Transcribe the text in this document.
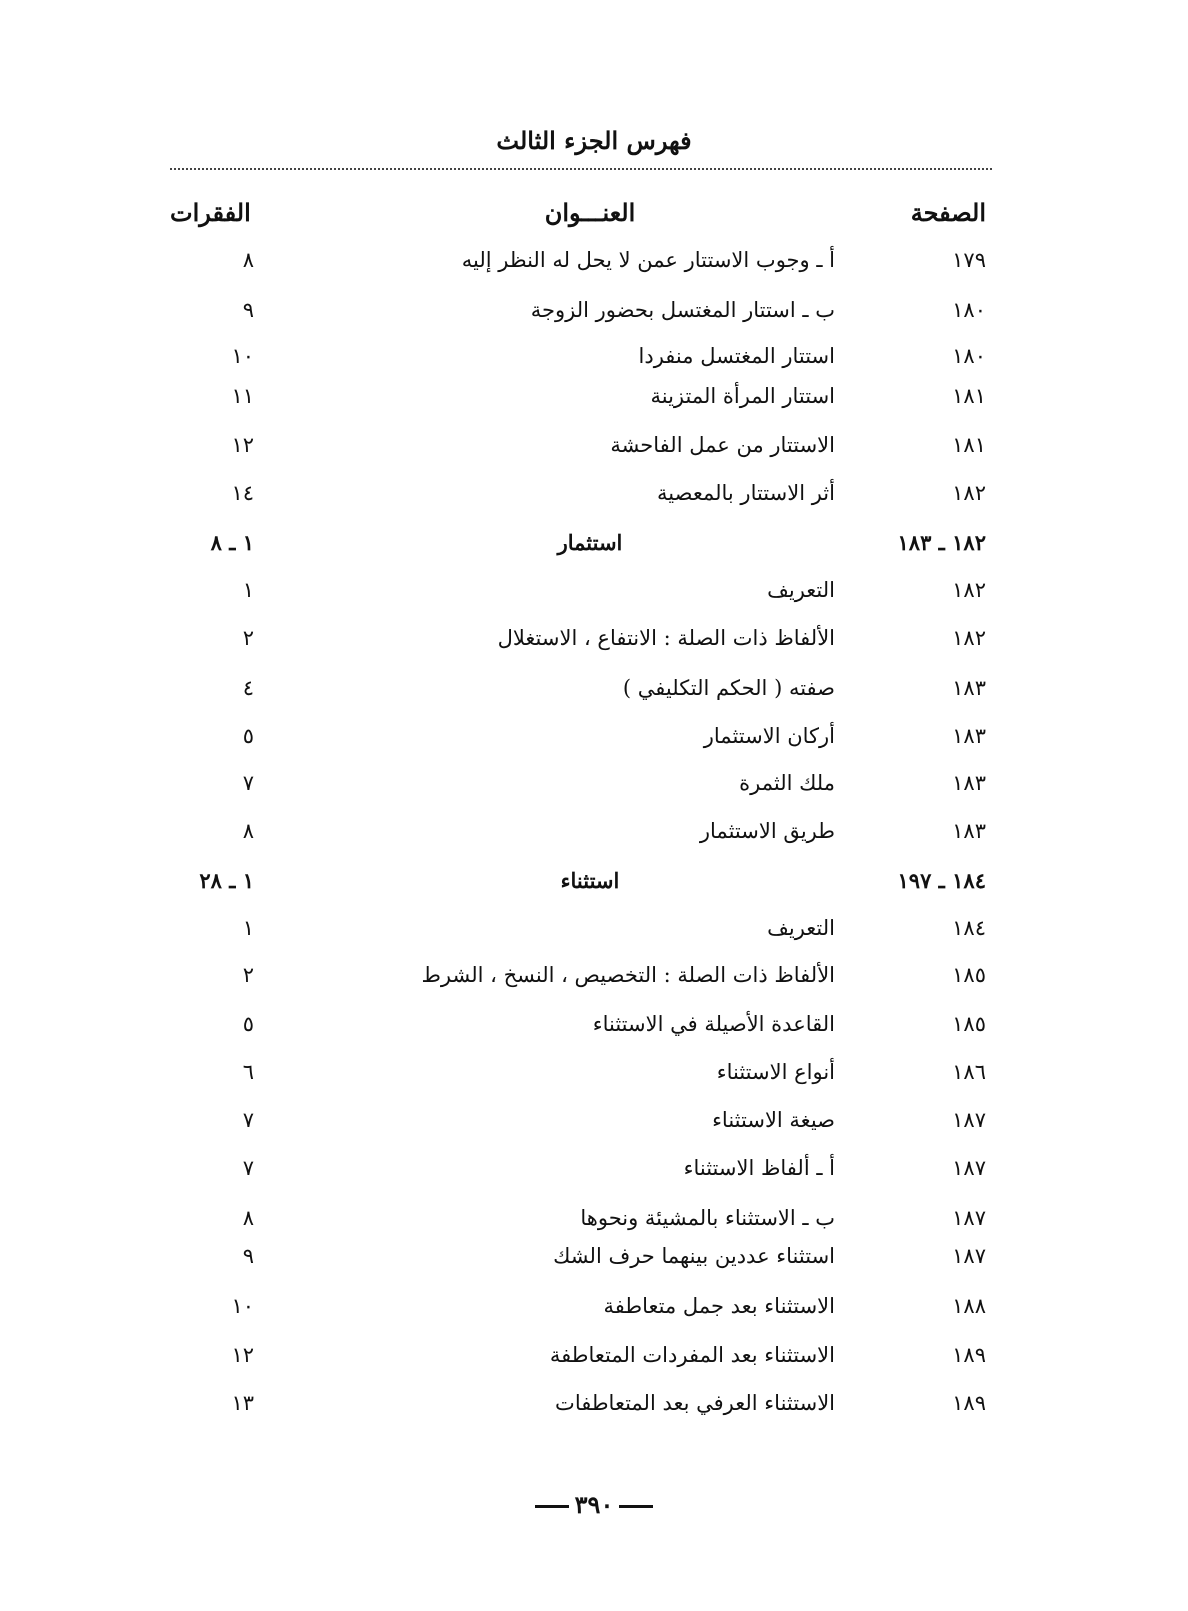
فهرس الجزء الثالث
الصفحة
العنـــوان
الفقرات
١٧٩
أ ـ وجوب الاستتار عمن لا يحل له النظر إليه
٨
١٨٠
ب ـ استتار المغتسل بحضور الزوجة
٩
١٨٠
استتار المغتسل منفردا
١٠
١٨١
استتار المرأة المتزينة
١١
١٨١
الاستتار من عمل الفاحشة
١٢
١٨٢
أثر الاستتار بالمعصية
١٤
١٨٢ ـ ١٨٣
استثمار
١ ـ ٨
١٨٢
التعريف
١
١٨٢
الألفاظ ذات الصلة : الانتفاع ، الاستغلال
٢
١٨٣
صفته ( الحكم التكليفي )
٤
١٨٣
أركان الاستثمار
٥
١٨٣
ملك الثمرة
٧
١٨٣
طريق الاستثمار
٨
١٨٤ ـ ١٩٧
استثناء
١ ـ ٢٨
١٨٤
التعريف
١
١٨٥
الألفاظ ذات الصلة : التخصيص ، النسخ ، الشرط
٢
١٨٥
القاعدة الأصيلة في الاستثناء
٥
١٨٦
أنواع الاستثناء
٦
١٨٧
صيغة الاستثناء
٧
١٨٧
أ ـ ألفاظ الاستثناء
٧
١٨٧
ب ـ الاستثناء بالمشيئة ونحوها
٨
١٨٧
استثناء عددين بينهما حرف الشك
٩
١٨٨
الاستثناء بعد جمل متعاطفة
١٠
١٨٩
الاستثناء بعد المفردات المتعاطفة
١٢
١٨٩
الاستثناء العرفي بعد المتعاطفات
١٣
٣٩٠
